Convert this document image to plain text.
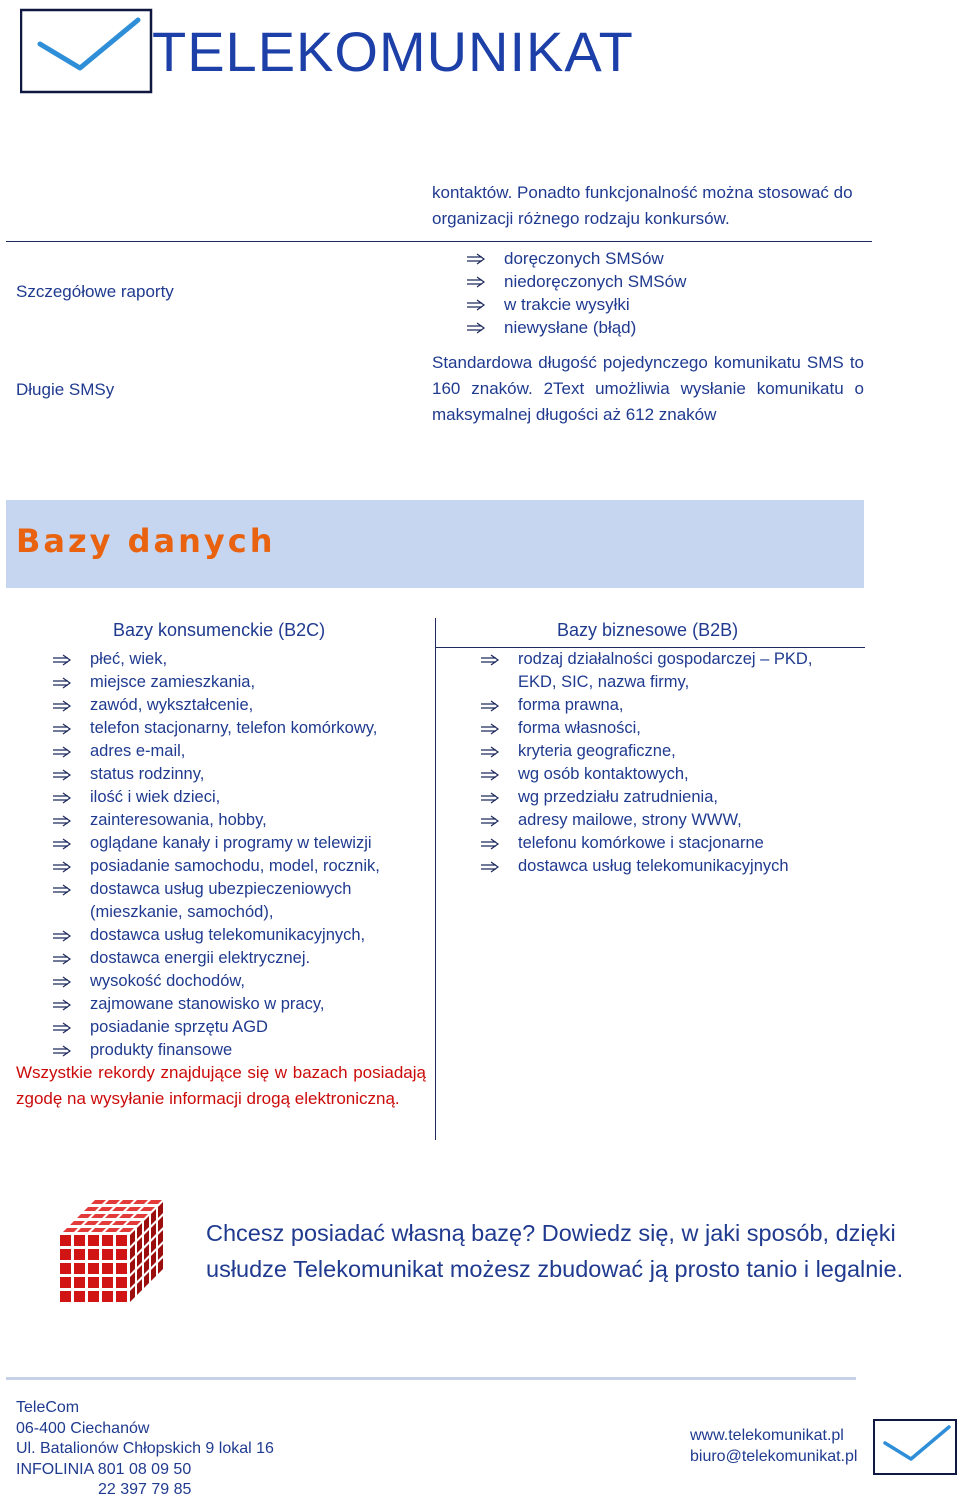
TELEKOMUNIKAT
kontaktów. Ponadto funkcjonalność można stosować do organizacji różnego rodzaju konkursów.
Szczegółowe raporty
doręczonych SMSów
niedoręczonych SMSów
w trakcie wysyłki
niewysłane (błąd)
Długie SMSy
Standardowa długość pojedynczego komunikatu SMS to
160 znaków. 2Text umożliwia wysłanie komunikatu o
maksymalnej długości aż 612 znaków
Bazy danych
Bazy konsumenckie (B2C)
płeć, wiek,
miejsce zamieszkania,
zawód, wykształcenie,
telefon stacjonarny, telefon komórkowy,
adres e-mail,
status rodzinny,
ilość i wiek dzieci,
zainteresowania, hobby,
oglądane kanały i programy w telewizji
posiadanie samochodu, model, rocznik,
dostawca usług ubezpieczeniowych
(mieszkanie, samochód),
dostawca usług telekomunikacyjnych,
dostawca energii elektrycznej.
wysokość dochodów,
zajmowane stanowisko w pracy,
posiadanie sprzętu AGD
produkty finansowe
Wszystkie rekordy znajdujące się w bazach posiadają zgodę na wysyłanie informacji drogą elektroniczną.
Bazy biznesowe (B2B)
rodzaj działalności gospodarczej – PKD,
EKD, SIC, nazwa firmy,
forma prawna,
forma własności,
kryteria geograficzne,
wg osób kontaktowych,
wg przedziału zatrudnienia,
adresy mailowe, strony WWW,
telefonu komórkowe i stacjonarne
dostawca usług telekomunikacyjnych
Chcesz posiadać własną bazę? Dowiedz się, w jaki sposób, dzięki
usłudze Telekomunikat możesz zbudować ją prosto tanio i legalnie.
TeleCom
06-400 Ciechanów
Ul. Batalionów Chłopskich 9 lokal 16
INFOLINIA 801 08 09 50
22 397 79 85
www.telekomunikat.pl
biuro@telekomunikat.pl
